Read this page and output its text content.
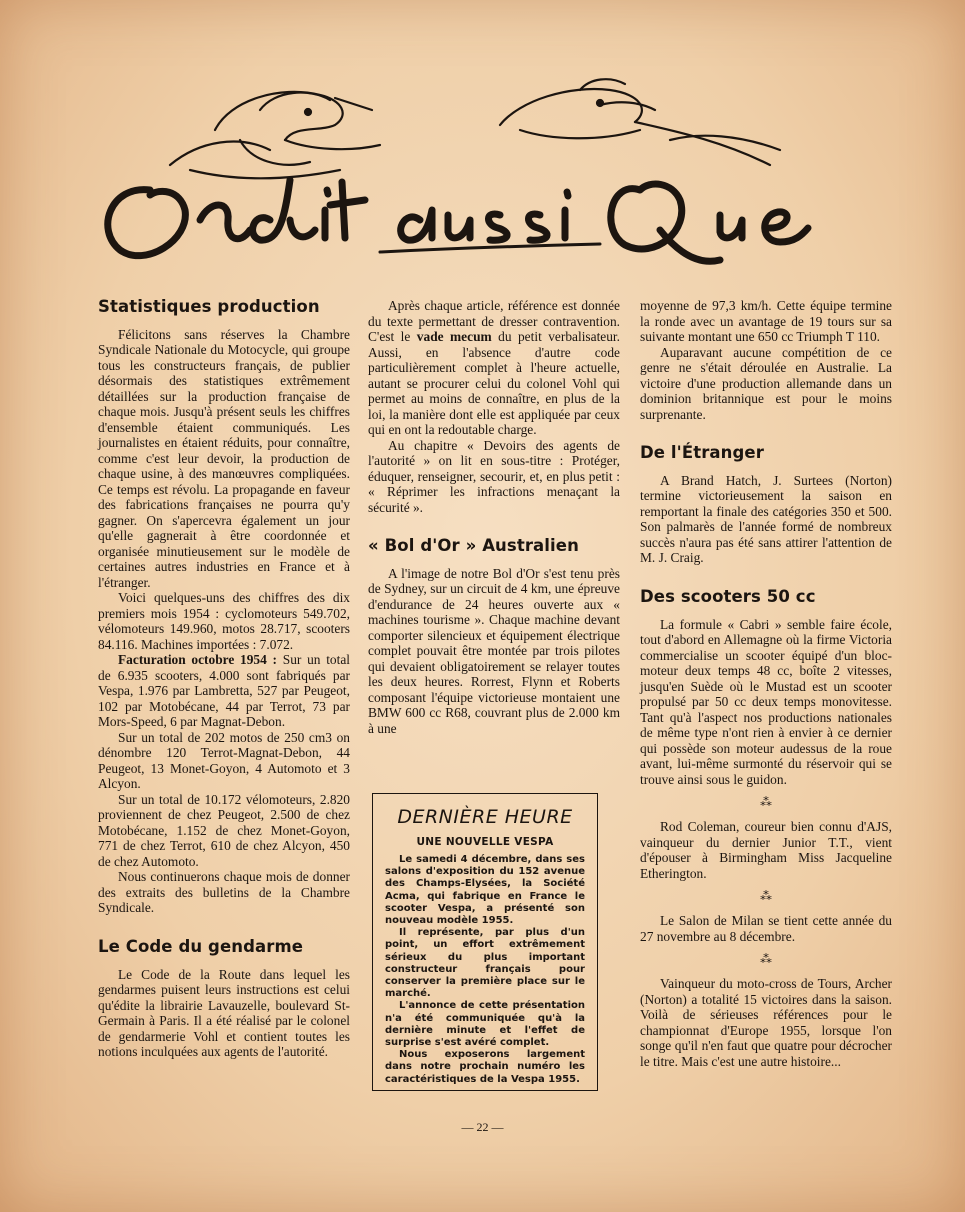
Statistiques production

Félicitons sans réserves la Chambre Syndicale Nationale du Motocycle, qui groupe tous les constructeurs français, de publier désormais des statistiques extrêmement détaillées sur la production française de chaque mois. Jusqu'à présent seuls les chiffres d'ensemble étaient communiqués. Les journalistes en étaient réduits, pour connaître, comme c'est leur devoir, la production de chaque usine, à des manœuvres compliquées. Ce temps est révolu. La propagande en faveur des fabrications françaises ne pourra qu'y gagner. On s'apercevra également un jour qu'elle gagnerait à être coordonnée et organisée minutieusement sur le modèle de certaines autres industries en France et à l'étranger.

Voici quelques-uns des chiffres des dix premiers mois 1954 : cyclomoteurs 549.702, vélomoteurs 149.960, motos 28.717, scooters 84.116. Machines importées : 7.072.

Facturation octobre 1954 : Sur un total de 6.935 scooters, 4.000 sont fabriqués par Vespa, 1.976 par Lambretta, 527 par Peugeot, 102 par Motobécane, 44 par Terrot, 73 par Mors-Speed, 6 par Magnat-Debon.

Sur un total de 202 motos de 250 cm3 on dénombre 120 Terrot-Magnat-Debon, 44 Peugeot, 13 Monet-Goyon, 4 Automoto et 3 Alcyon.

Sur un total de 10.172 vélomoteurs, 2.820 proviennent de chez Peugeot, 2.500 de chez Motobécane, 1.152 de chez Monet-Goyon, 771 de chez Terrot, 610 de chez Alcyon, 450 de chez Automoto.

Nous continuerons chaque mois de donner des extraits des bulletins de la Chambre Syndicale.

Le Code du gendarme

Le Code de la Route dans lequel les gendarmes puisent leurs instructions est celui qu'édite la librairie Lavauzelle, boulevard St-Germain à Paris. Il a été réalisé par le colonel de gendarmerie Vohl et contient toutes les notions inculquées aux agents de l'autorité.

Après chaque article, référence est donnée du texte permettant de dresser contravention. C'est le vade mecum du petit verbalisateur. Aussi, en l'absence d'autre code particulièrement complet à l'heure actuelle, autant se procurer celui du colonel Vohl qui permet au moins de connaître, en plus de la loi, la manière dont elle est appliquée par ceux qui en ont la redoutable charge.

Au chapitre « Devoirs des agents de l'autorité » on lit en sous-titre : Protéger, éduquer, renseigner, secourir, et, en plus petit : « Réprimer les infractions menaçant la sécurité ».

« Bol d'Or » Australien

A l'image de notre Bol d'Or s'est tenu près de Sydney, sur un circuit de 4 km, une épreuve d'endurance de 24 heures ouverte aux « machines tourisme ». Chaque machine devant comporter silencieux et équipement électrique complet pouvait être montée par trois pilotes qui devaient obligatoirement se relayer toutes les deux heures. Rorrest, Flynn et Roberts composant l'équipe victorieuse montaient une BMW 600 cc R68, couvrant plus de 2.000 km à une

DERNIÈRE HEURE
UNE NOUVELLE VESPA

Le samedi 4 décembre, dans ses salons d'exposition du 152 avenue des Champs-Elysées, la Société Acma, qui fabrique en France le scooter Vespa, a présenté son nouveau modèle 1955.

Il représente, par plus d'un point, un effort extrêmement sérieux du plus important constructeur français pour conserver la première place sur le marché.

L'annonce de cette présentation n'a été communiquée qu'à la dernière minute et l'effet de surprise s'est avéré complet.

Nous exposerons largement dans notre prochain numéro les caractéristiques de la Vespa 1955.

moyenne de 97,3 km/h. Cette équipe termine la ronde avec un avantage de 19 tours sur sa suivante montant une 650 cc Triumph T 110.

Auparavant aucune compétition de ce genre ne s'était déroulée en Australie. La victoire d'une production allemande dans un dominion britannique est pour le moins surprenante.

De l'Étranger

A Brand Hatch, J. Surtees (Norton) termine victorieusement la saison en remportant la finale des catégories 350 et 500. Son palmarès de l'année formé de nombreux succès n'aura pas été sans attirer l'attention de M. J. Craig.

Des scooters 50 cc

La formule « Cabri » semble faire école, tout d'abord en Allemagne où la firme Victoria commercialise un scooter équipé d'un bloc-moteur deux temps 48 cc, boîte 2 vitesses, jusqu'en Suède où le Mustad est un scooter propulsé par 50 cc deux temps monovitesse. Tant qu'à l'aspect nos productions nationales de même type n'ont rien à envier à ce dernier qui possède son moteur audessus de la roue avant, lui-même surmonté du réservoir qui se trouve ainsi sous le guidon.

⁂

Rod Coleman, coureur bien connu d'AJS, vainqueur du dernier Junior T.T., vient d'épouser à Birmingham Miss Jacqueline Etherington.

⁂

Le Salon de Milan se tient cette année du 27 novembre au 8 décembre.

⁂

Vainqueur du moto-cross de Tours, Archer (Norton) a totalité 15 victoires dans la saison. Voilà de sérieuses références pour le championnat d'Europe 1955, lorsque l'on songe qu'il n'en faut que quatre pour décrocher le titre. Mais c'est une autre histoire...

— 22 —
